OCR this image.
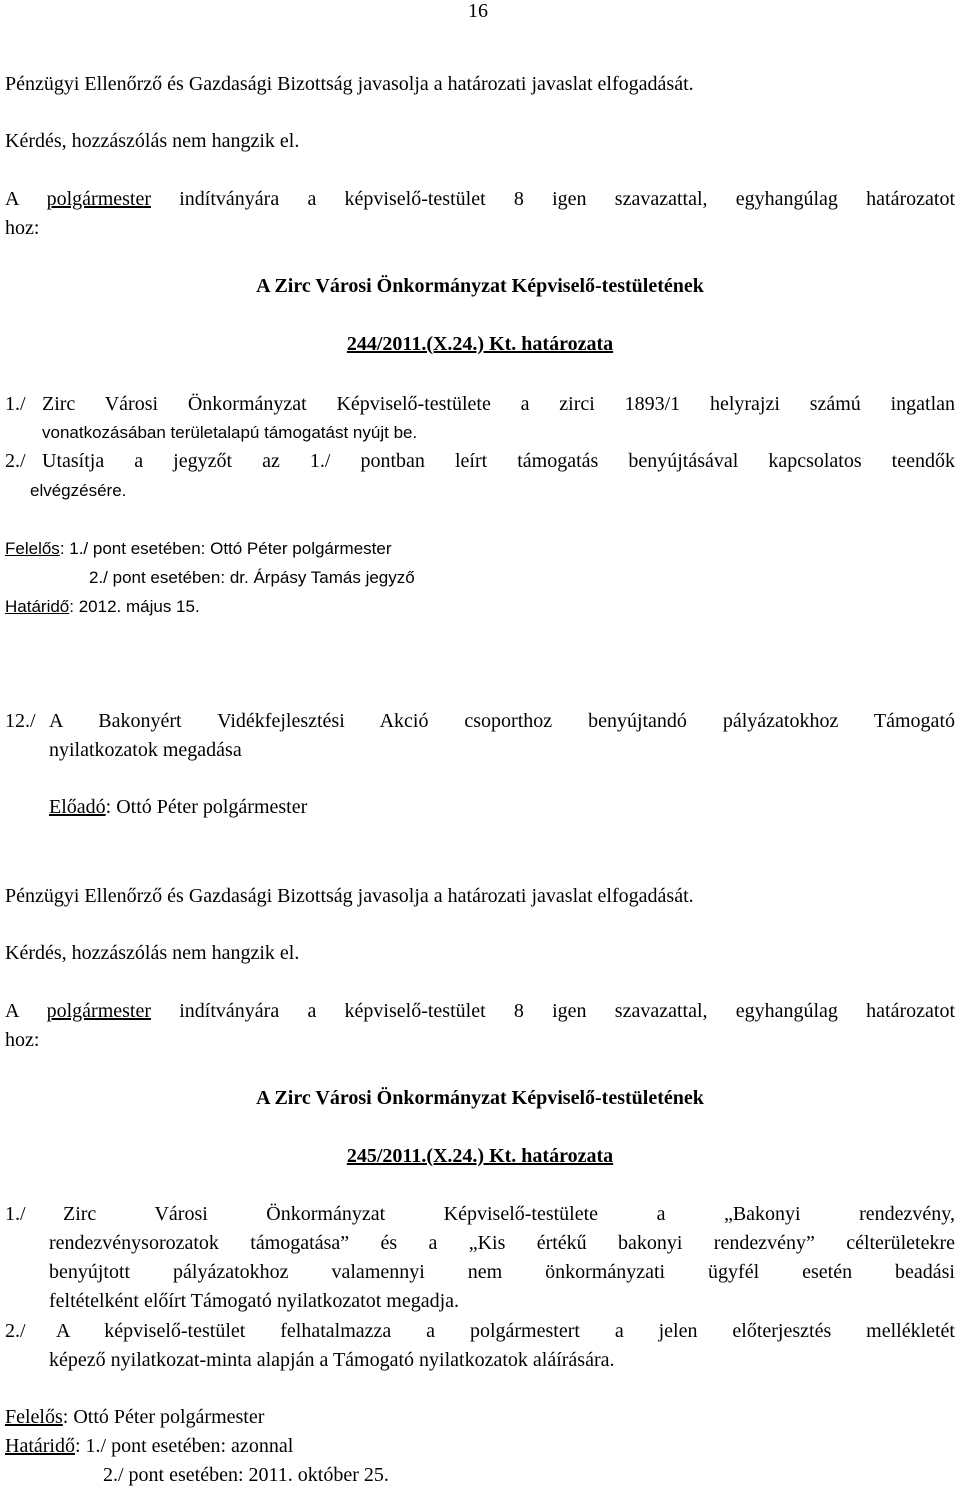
16
Pénzügyi Ellenőrző és Gazdasági Bizottság javasolja a határozati javaslat elfogadását.
Kérdés, hozzászólás nem hangzik el.
A polgármester indítványára a képviselő-testület 8 igen szavazattal, egyhangúlag határozatot
hoz:
A Zirc Városi Önkormányzat Képviselő-testületének
244/2011.(X.24.) Kt. határozata
1./ Zirc Városi Önkormányzat Képviselő-testülete a zirci 1893/1 helyrajzi számú ingatlan
vonatkozásában területalapú támogatást nyújt be.
2./ Utasítja a jegyzőt az 1./ pontban leírt támogatás benyújtásával kapcsolatos teendők
elvégzésére.
Felelős: 1./ pont esetében: Ottó Péter polgármester
2./ pont esetében: dr. Árpásy Tamás jegyző
Határidő: 2012. május 15.
12./ A Bakonyért Vidékfejlesztési Akció csoporthoz benyújtandó pályázatokhoz Támogató
nyilatkozatok megadása
Előadó: Ottó Péter polgármester
Pénzügyi Ellenőrző és Gazdasági Bizottság javasolja a határozati javaslat elfogadását.
Kérdés, hozzászólás nem hangzik el.
A polgármester indítványára a képviselő-testület 8 igen szavazattal, egyhangúlag határozatot
hoz:
A Zirc Városi Önkormányzat Képviselő-testületének
245/2011.(X.24.) Kt. határozata
1./ Zirc Városi Önkormányzat Képviselő-testülete a „Bakonyi rendezvény,
rendezvénysorozatok támogatása” és a „Kis értékű bakonyi rendezvény” célterületekre
benyújtott pályázatokhoz valamennyi nem önkormányzati ügyfél esetén beadási
feltételként előírt Támogató nyilatkozatot megadja.
2./ A képviselő-testület felhatalmazza a polgármestert a jelen előterjesztés mellékletét
képező nyilatkozat-minta alapján a Támogató nyilatkozatok aláírására.
Felelős: Ottó Péter polgármester
Határidő: 1./ pont esetében: azonnal
2./ pont esetében: 2011. október 25.
